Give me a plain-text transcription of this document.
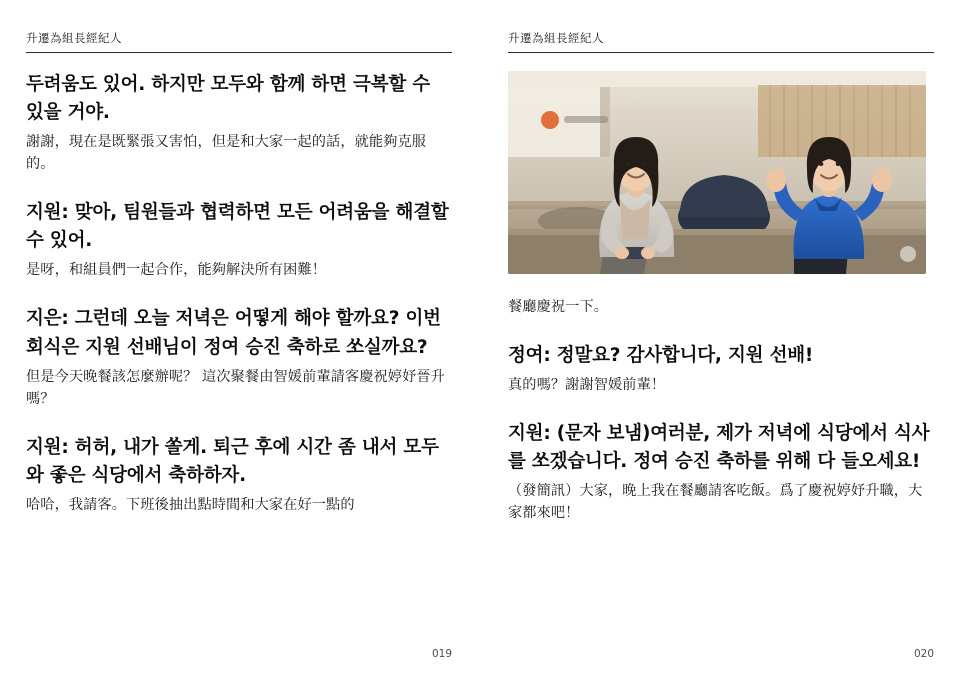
升遷為組長經紀人

두려움도 있어. 하지만 모두와 함께 하면 극복할 수 있을 거야.

謝謝，現在是既緊張又害怕，但是和大家一起的話，就能夠克服的。

지원: 맞아, 팀원들과 협력하면 모든 어려움을 해결할 수 있어.

是呀，和組員們一起合作，能夠解決所有困難！

지은: 그런데 오늘 저녁은 어떻게 해야 할까요? 이번 회식은 지원 선배님이 정여 승진 축하로 쏘실까요?

但是今天晚餐該怎麼辦呢？ 這次聚餐由智媛前輩請客慶祝婷妤晉升嗎？

지원: 허허, 내가 쏠게. 퇴근 후에 시간 좀 내서 모두와 좋은 식당에서 축하하자.

哈哈，我請客。下班後抽出點時間和大家在好一點的

019
升遷為組長經紀人

餐廳慶祝一下。

정여: 정말요? 감사합니다, 지원 선배!

真的嗎？謝謝智媛前輩！

지원: (문자 보냄)여러분, 제가 저녁에 식당에서 식사를 쏘겠습니다. 정여 승진 축하를 위해 다 들오세요!

（發簡訊）大家，晚上我在餐廳請客吃飯。爲了慶祝婷妤升職，大家都來吧！

020
